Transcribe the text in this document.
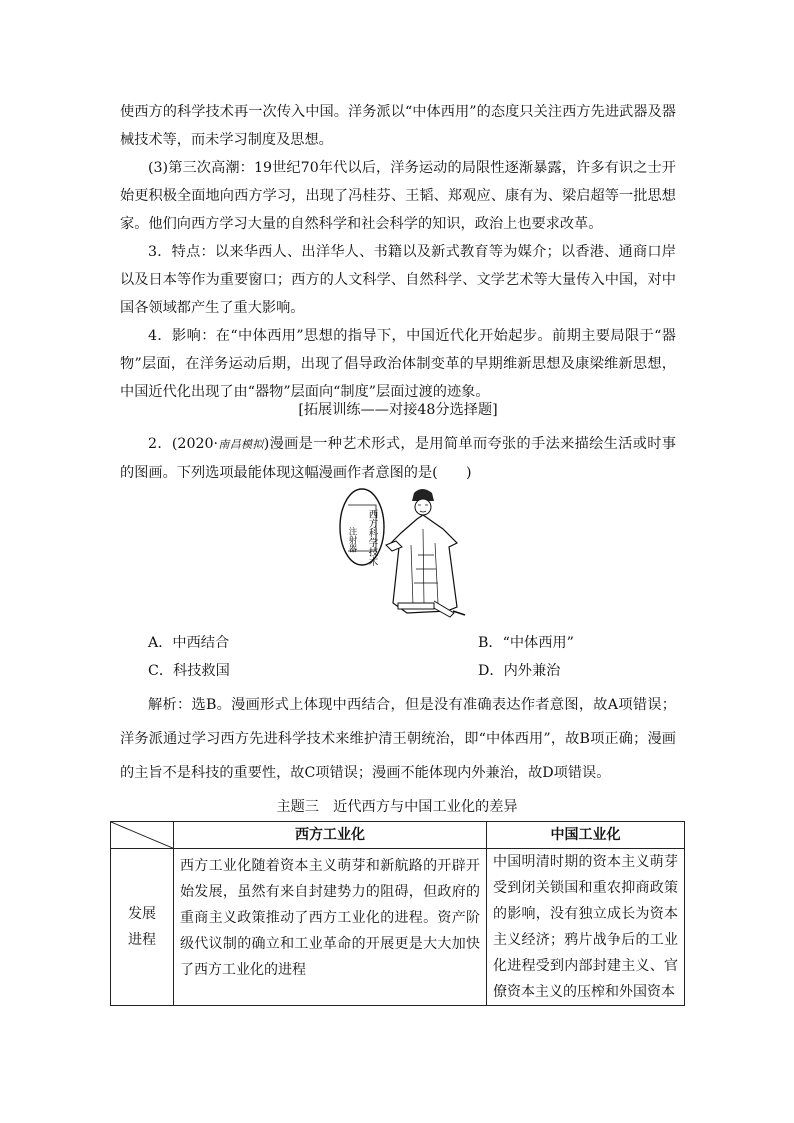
使西方的科学技术再一次传入中国。洋务派以“中体西用”的态度只关注西方先进武器及器械技术等，而未学习制度及思想。
(3)第三次高潮：19世纪70年代以后，洋务运动的局限性逐渐暴露，许多有识之士开始更积极全面地向西方学习，出现了冯桂芬、王韬、郑观应、康有为、梁启超等一批思想家。他们向西方学习大量的自然科学和社会科学的知识，政治上也要求改革。
3．特点：以来华西人、出洋华人、书籍以及新式教育等为媒介；以香港、通商口岸以及日本等作为重要窗口；西方的人文科学、自然科学、文学艺术等大量传入中国，对中国各领域都产生了重大影响。
4．影响：在“中体西用”思想的指导下，中国近代化开始起步。前期主要局限于“器物”层面，在洋务运动后期，出现了倡导政治体制变革的早期维新思想及康梁维新思想，中国近代化出现了由“器物”层面向“制度”层面过渡的迹象。
[拓展训练——对接48分选择题]
2．(2020·南昌模拟)漫画是一种艺术形式，是用简单而夸张的手法来描绘生活或时事的图画。下列选项最能体现这幅漫画作者意图的是(　　)
西方科学技术
注射器
A．中西结合	B．“中体西用”
C．科技救国	D．内外兼治
解析：选B。漫画形式上体现中西结合，但是没有准确表达作者意图，故A项错误；洋务派通过学习西方先进科学技术来维护清王朝统治，即“中体西用”，故B项正确；漫画的主旨不是科技的重要性，故C项错误；漫画不能体现内外兼治，故D项错误。
主题三　近代西方与中国工业化的差异
	西方工业化	中国工业化

发展进程	西方工业化随着资本主义萌芽和新航路的开辟开始发展，虽然有来自封建势力的阻碍，但政府的重商主义政策推动了西方工业化的进程。资产阶级代议制的确立和工业革命的开展更是大大加快了西方工业化的进程	中国明清时期的资本主义萌芽受到闭关锁国和重农抑商政策的影响，没有独立成长为资本主义经济；鸦片战争后的工业化进程受到内部封建主义、官僚资本主义的压榨和外国资本
